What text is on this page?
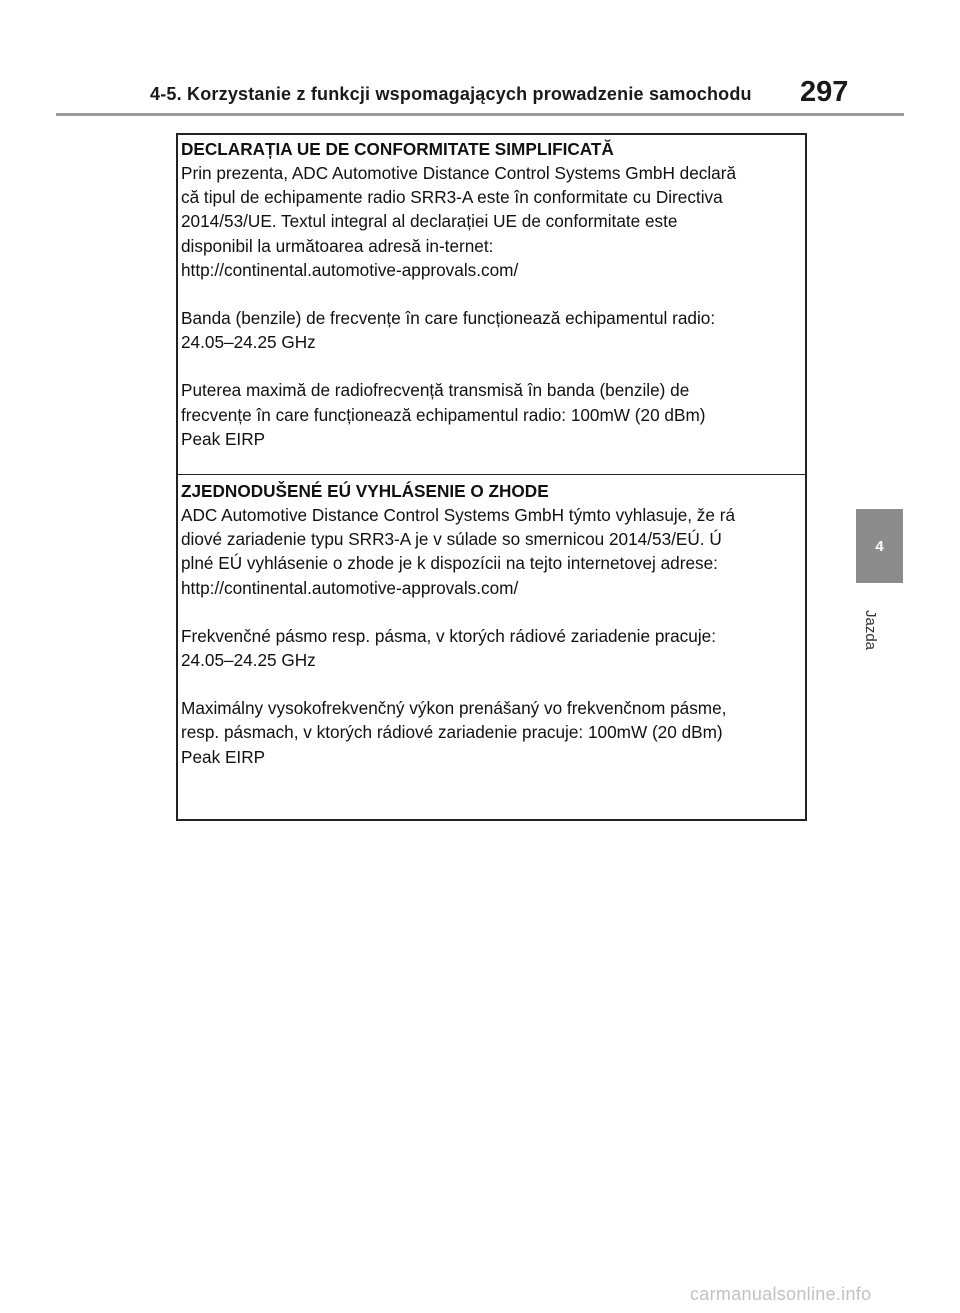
4-5. Korzystanie z funkcji wspomagających prowadzenie samochodu 297
4
Jazda
DECLARAȚIA UE DE CONFORMITATE SIMPLIFICATĂ
Prin prezenta, ADC Automotive Distance Control Systems GmbH declară
că tipul de echipamente radio SRR3-A este în conformitate cu Directiva
2014/53/UE. Textul integral al declarației UE de conformitate este
disponibil la următoarea adresă in-ternet:
http://continental.automotive-approvals.com/
Banda (benzile) de frecvențe în care funcționează echipamentul radio:
24.05–24.25 GHz
Puterea maximă de radiofrecvență transmisă în banda (benzile) de
frecvențe în care funcționează echipamentul radio: 100mW (20 dBm)
Peak EIRP
ZJEDNODUŠENÉ EÚ VYHLÁSENIE O ZHODE
ADC Automotive Distance Control Systems GmbH týmto vyhlasuje, že rá
diové zariadenie typu SRR3-A je v súlade so smernicou 2014/53/EÚ. Ú
plné EÚ vyhlásenie o zhode je k dispozícii na tejto internetovej adrese:
http://continental.automotive-approvals.com/
Frekvenčné pásmo resp. pásma, v ktorých rádiové zariadenie pracuje:
24.05–24.25 GHz
Maximálny vysokofrekvenčný výkon prenášaný vo frekvenčnom pásme,
resp. pásmach, v ktorých rádiové zariadenie pracuje: 100mW (20 dBm)
Peak EIRP
carmanualsonline.info
